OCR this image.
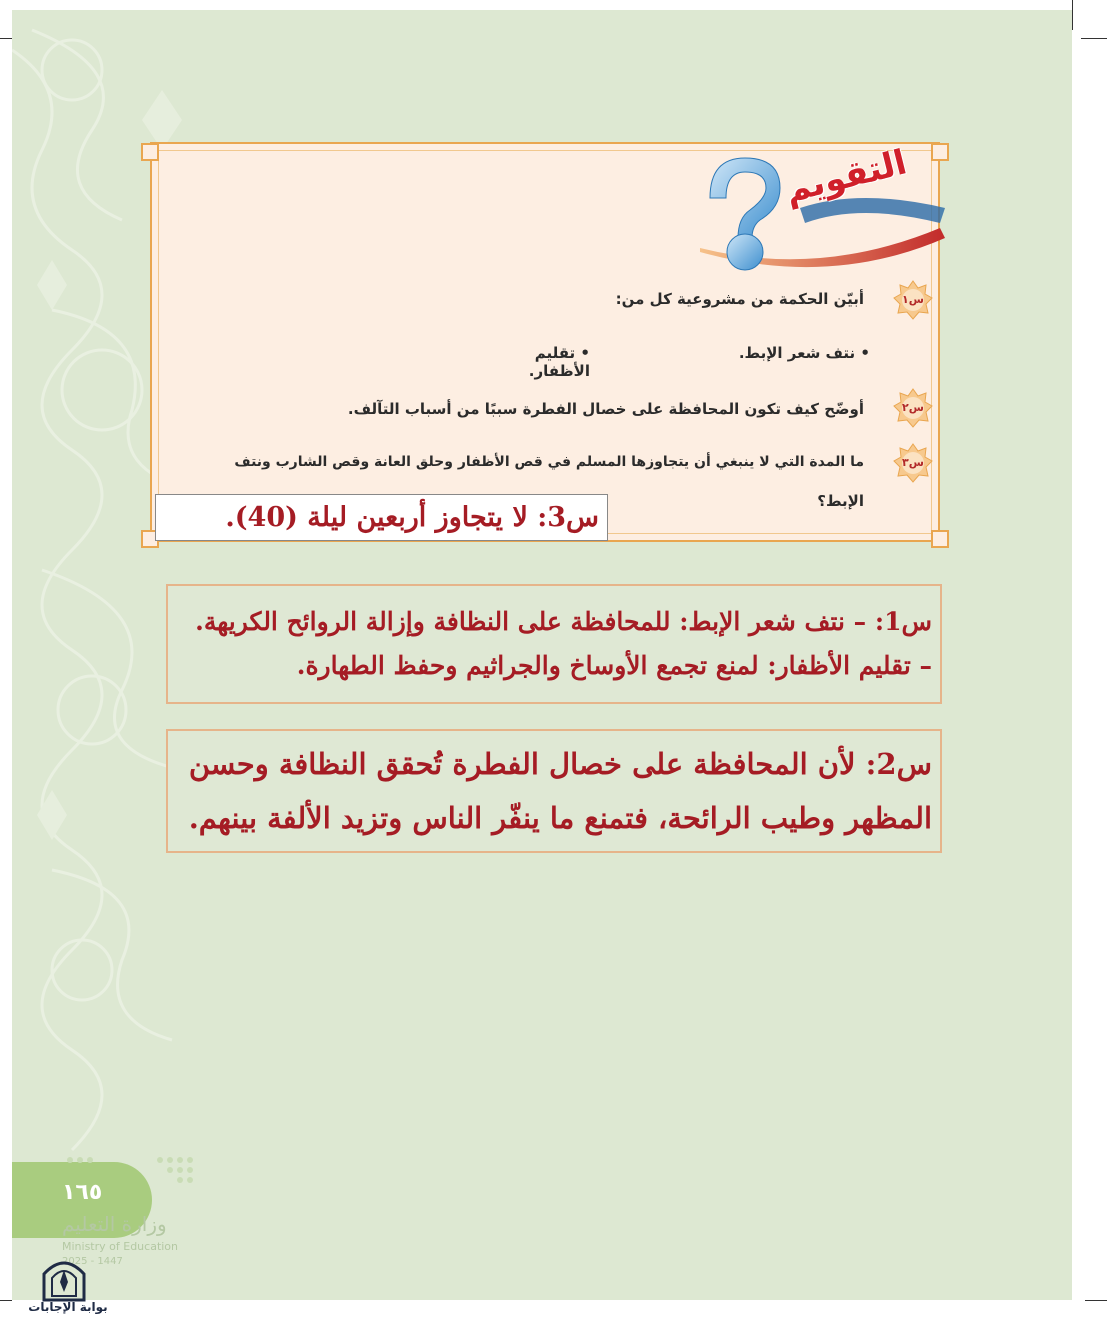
التقويم
س١
أبيّن الحكمة من مشروعية كل من:
• نتف شعر الإبط.
• تقليم الأظفار.
س٢
أوضّح كيف تكون المحافظة على خصال الفطرة سببًا من أسباب التآلف.
س٣
ما المدة التي لا ينبغي أن يتجاوزها المسلم في قص الأظفار وحلق العانة وقص الشارب ونتف
الإبط؟
س3: لا يتجاوز أربعين ليلة (40).

س1: – نتف شعر الإبط: للمحافظة على النظافة وإزالة الروائح الكريهة.

– تقليم الأظفار: لمنع تجمع الأوساخ والجراثيم وحفظ الطهارة.

س2: لأن المحافظة على خصال الفطرة تُحقق النظافة وحسن

المظهر وطيب الرائحة، فتمنع ما ينفّر الناس وتزيد الألفة بينهم.

١٦٥
وزارة التعليم
Ministry of Education
2025 - 1447
بوابة الإجابات
